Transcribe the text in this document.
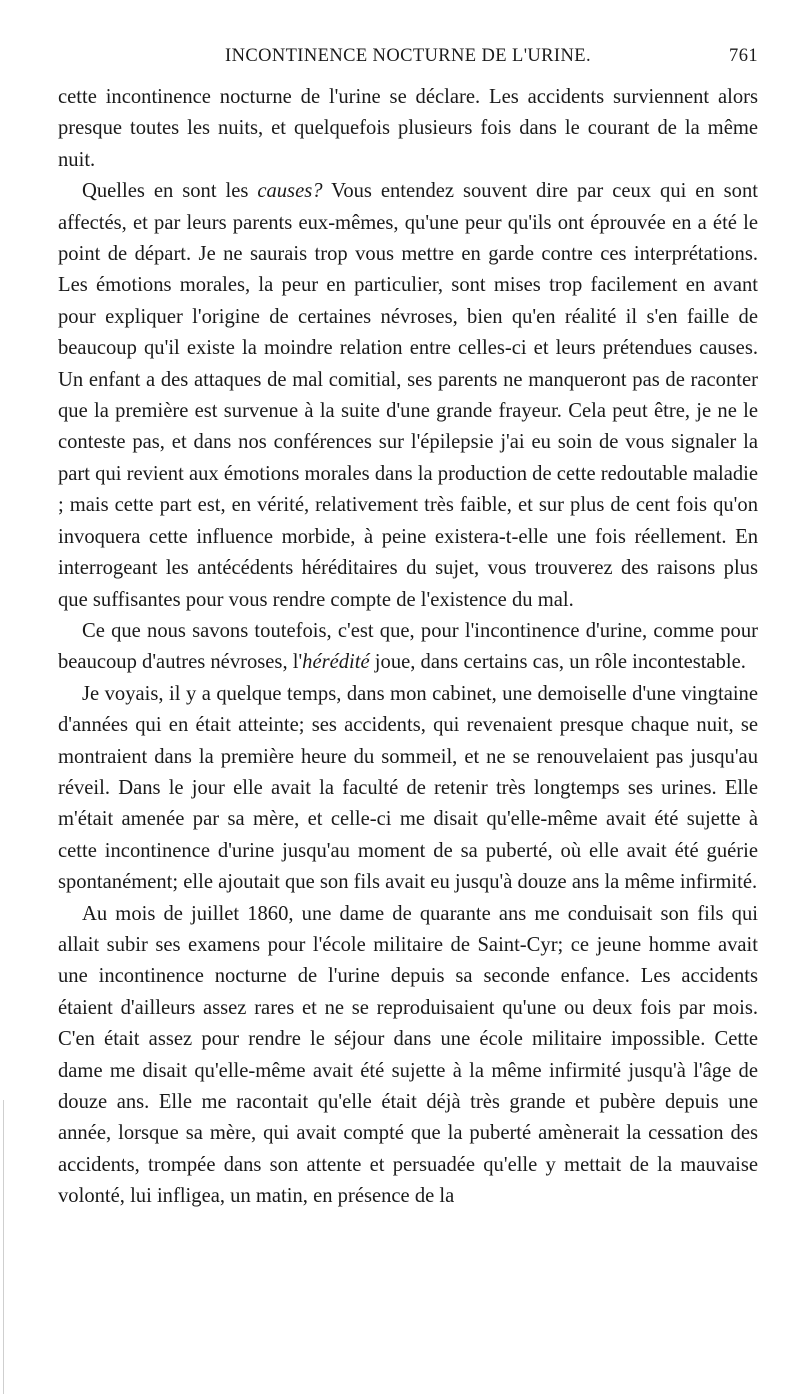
INCONTINENCE NOCTURNE DE L'URINE.	761

cette incontinence nocturne de l'urine se déclare. Les accidents surviennent alors presque toutes les nuits, et quelquefois plusieurs fois dans le courant de la même nuit.

Quelles en sont les causes? Vous entendez souvent dire par ceux qui en sont affectés, et par leurs parents eux-mêmes, qu'une peur qu'ils ont éprouvée en a été le point de départ. Je ne saurais trop vous mettre en garde contre ces interprétations. Les émotions morales, la peur en particulier, sont mises trop facilement en avant pour expliquer l'origine de certaines névroses, bien qu'en réalité il s'en faille de beaucoup qu'il existe la moindre relation entre celles-ci et leurs prétendues causes. Un enfant a des attaques de mal comitial, ses parents ne manqueront pas de raconter que la première est survenue à la suite d'une grande frayeur. Cela peut être, je ne le conteste pas, et dans nos conférences sur l'épilepsie j'ai eu soin de vous signaler la part qui revient aux émotions morales dans la production de cette redoutable maladie ; mais cette part est, en vérité, relativement très faible, et sur plus de cent fois qu'on invoquera cette influence morbide, à peine existera-t-elle une fois réellement. En interrogeant les antécédents héréditaires du sujet, vous trouverez des raisons plus que suffisantes pour vous rendre compte de l'existence du mal.

Ce que nous savons toutefois, c'est que, pour l'incontinence d'urine, comme pour beaucoup d'autres névroses, l'hérédité joue, dans certains cas, un rôle incontestable.

Je voyais, il y a quelque temps, dans mon cabinet, une demoiselle d'une vingtaine d'années qui en était atteinte; ses accidents, qui revenaient presque chaque nuit, se montraient dans la première heure du sommeil, et ne se renouvelaient pas jusqu'au réveil. Dans le jour elle avait la faculté de retenir très longtemps ses urines. Elle m'était amenée par sa mère, et celle-ci me disait qu'elle-même avait été sujette à cette incontinence d'urine jusqu'au moment de sa puberté, où elle avait été guérie spontanément; elle ajoutait que son fils avait eu jusqu'à douze ans la même infirmité.

Au mois de juillet 1860, une dame de quarante ans me conduisait son fils qui allait subir ses examens pour l'école militaire de Saint-Cyr; ce jeune homme avait une incontinence nocturne de l'urine depuis sa seconde enfance. Les accidents étaient d'ailleurs assez rares et ne se reproduisaient qu'une ou deux fois par mois. C'en était assez pour rendre le séjour dans une école militaire impossible. Cette dame me disait qu'elle-même avait été sujette à la même infirmité jusqu'à l'âge de douze ans. Elle me racontait qu'elle était déjà très grande et pubère depuis une année, lorsque sa mère, qui avait compté que la puberté amènerait la cessation des accidents, trompée dans son attente et persuadée qu'elle y mettait de la mauvaise volonté, lui infligea, un matin, en présence de la
